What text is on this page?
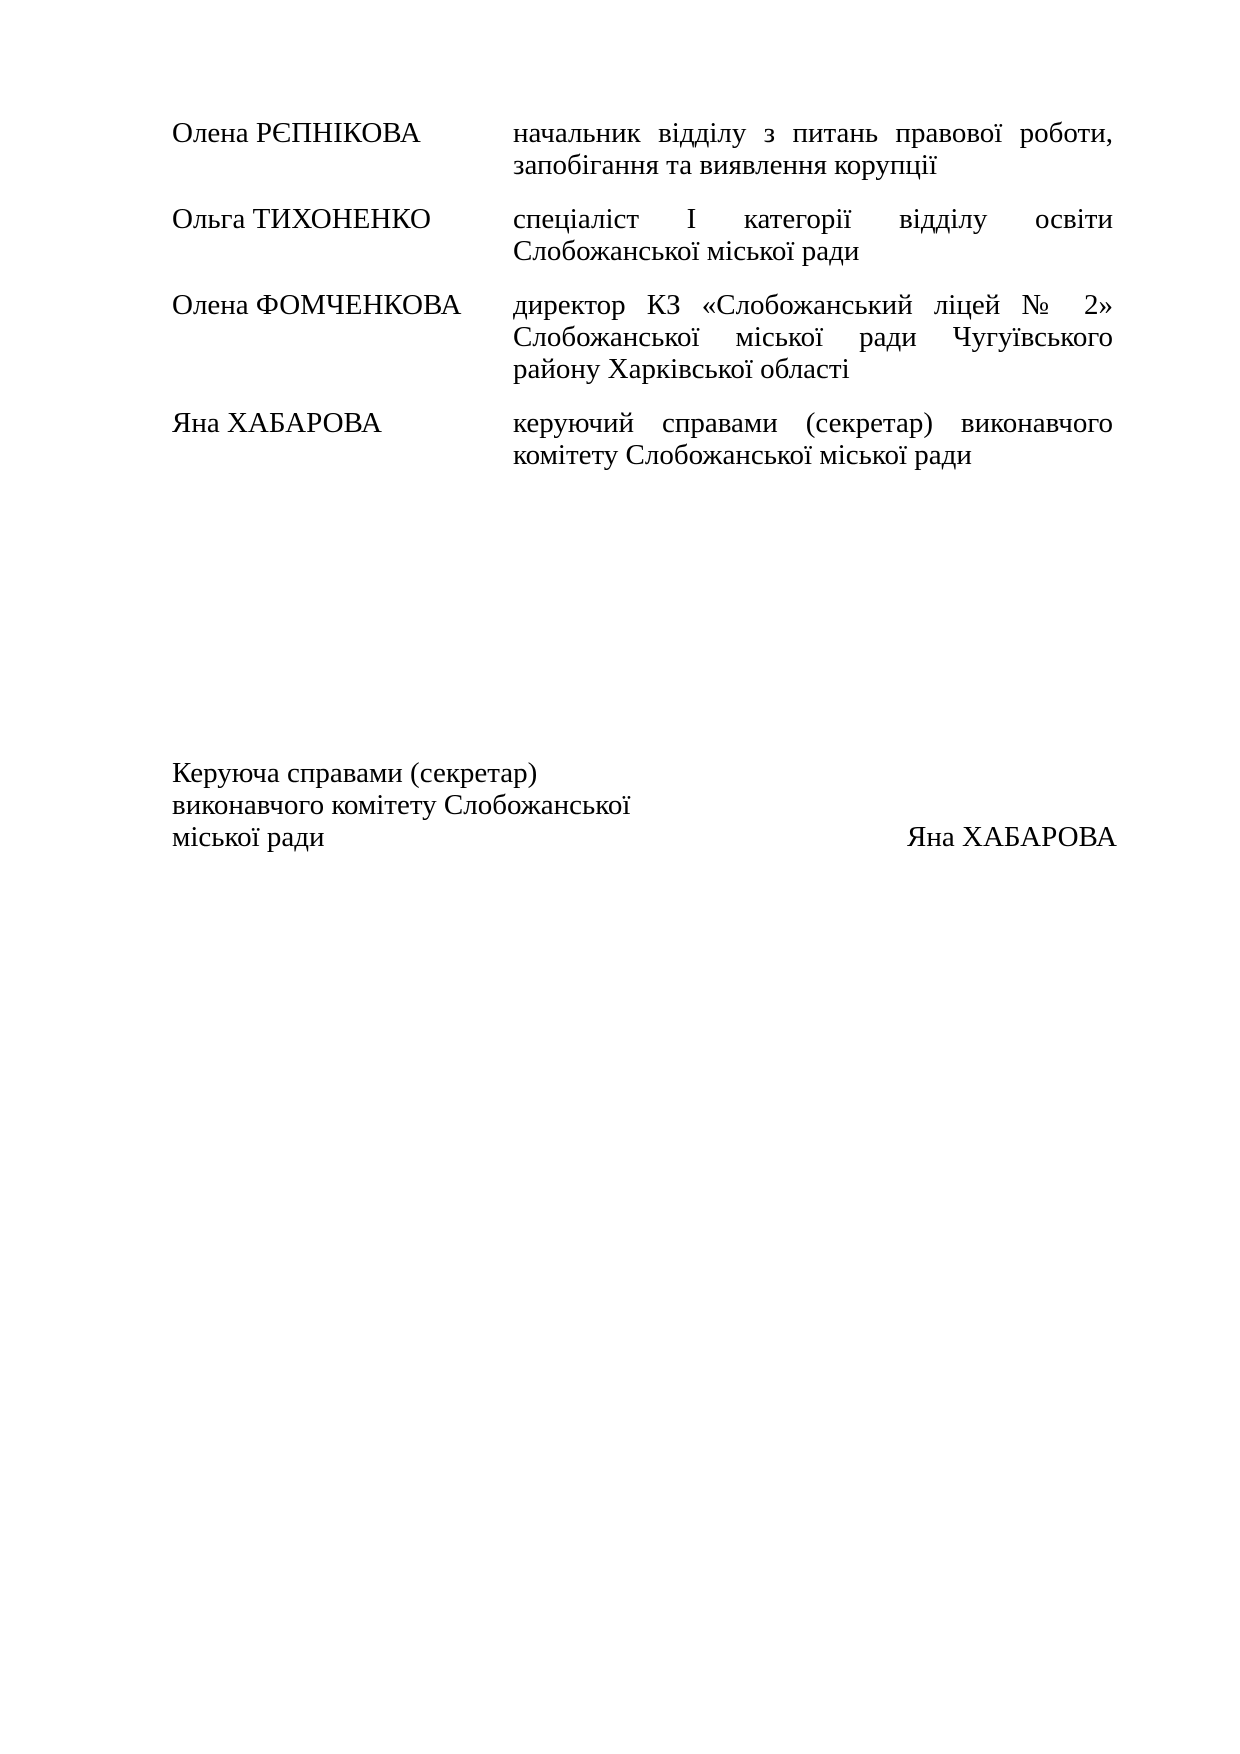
Олена РЄПНІКОВА	начальник відділу з питань правової роботи, запобігання та виявлення корупції
Ольга ТИХОНЕНКО	спеціаліст І категорії відділу освіти Слобожанської міської ради
Олена ФОМЧЕНКОВА	директор КЗ «Слобожанський ліцей № 2» Слобожанської міської ради Чугуївського району Харківської області
Яна ХАБАРОВА	керуючий справами (секретар) виконавчого комітету Слобожанської міської ради
Керуюча справами (секретар) виконавчого комітету Слобожанської міської ради	Яна ХАБАРОВА
